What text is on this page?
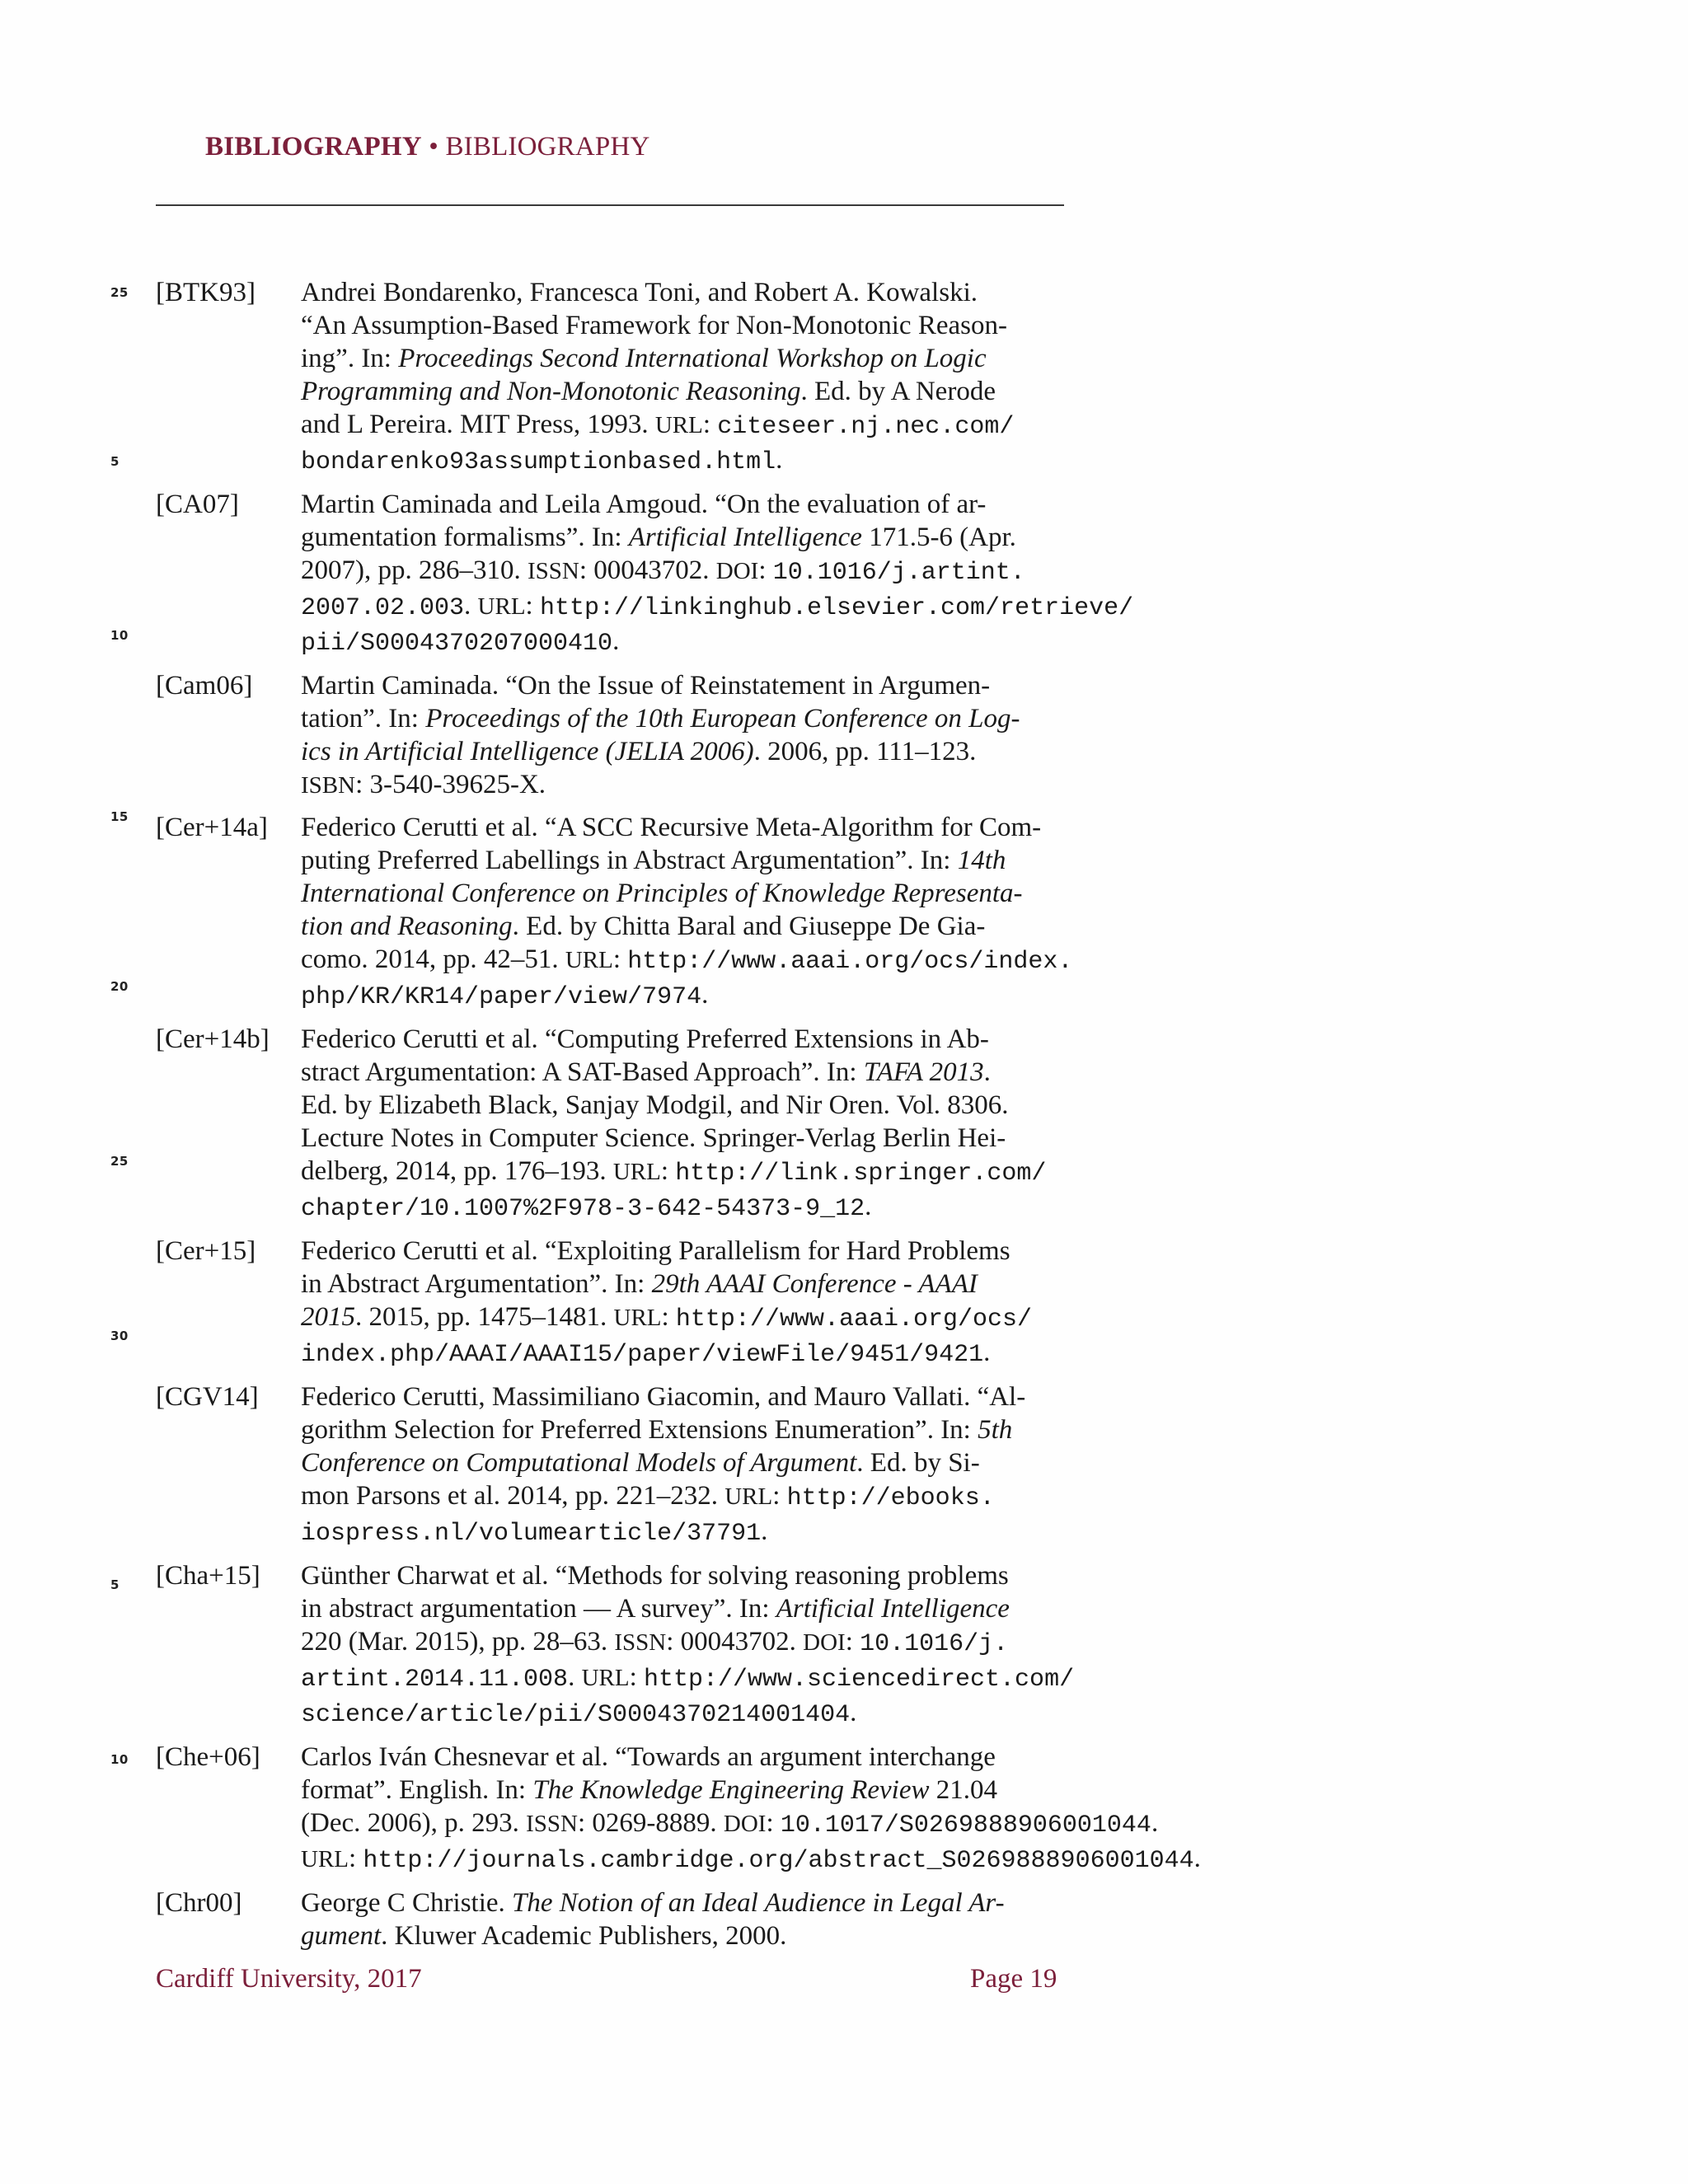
BIBLIOGRAPHY • BIBLIOGRAPHY
25
5
10
15
20
25
30
5
10
[BTK93] Andrei Bondarenko, Francesca Toni, and Robert A. Kowalski.
“An Assumption-Based Framework for Non-Monotonic Reason-
ing”. In: Proceedings Second International Workshop on Logic
Programming and Non-Monotonic Reasoning. Ed. by A Nerode
and L Pereira. MIT Press, 1993. URL: citeseer.nj.nec.com/
bondarenko93assumptionbased.html.
[CA07] Martin Caminada and Leila Amgoud. “On the evaluation of ar-
gumentation formalisms”. In: Artificial Intelligence 171.5-6 (Apr.
2007), pp. 286–310. ISSN: 00043702. DOI: 10.1016/j.artint.
2007.02.003. URL: http://linkinghub.elsevier.com/retrieve/
pii/S0004370207000410.
[Cam06] Martin Caminada. “On the Issue of Reinstatement in Argumen-
tation”. In: Proceedings of the 10th European Conference on Log-
ics in Artificial Intelligence (JELIA 2006). 2006, pp. 111–123.
ISBN: 3-540-39625-X.
[Cer+14a] Federico Cerutti et al. “A SCC Recursive Meta-Algorithm for Com-
puting Preferred Labellings in Abstract Argumentation”. In: 14th
International Conference on Principles of Knowledge Representa-
tion and Reasoning. Ed. by Chitta Baral and Giuseppe De Gia-
como. 2014, pp. 42–51. URL: http://www.aaai.org/ocs/index.
php/KR/KR14/paper/view/7974.
[Cer+14b] Federico Cerutti et al. “Computing Preferred Extensions in Ab-
stract Argumentation: A SAT-Based Approach”. In: TAFA 2013.
Ed. by Elizabeth Black, Sanjay Modgil, and Nir Oren. Vol. 8306.
Lecture Notes in Computer Science. Springer-Verlag Berlin Hei-
delberg, 2014, pp. 176–193. URL: http://link.springer.com/
chapter/10.1007%2F978-3-642-54373-9_12.
[Cer+15] Federico Cerutti et al. “Exploiting Parallelism for Hard Problems
in Abstract Argumentation”. In: 29th AAAI Conference - AAAI
2015. 2015, pp. 1475–1481. URL: http://www.aaai.org/ocs/
index.php/AAAI/AAAI15/paper/viewFile/9451/9421.
[CGV14] Federico Cerutti, Massimiliano Giacomin, and Mauro Vallati. “Al-
gorithm Selection for Preferred Extensions Enumeration”. In: 5th
Conference on Computational Models of Argument. Ed. by Si-
mon Parsons et al. 2014, pp. 221–232. URL: http://ebooks.
iospress.nl/volumearticle/37791.
[Cha+15] Günther Charwat et al. “Methods for solving reasoning problems
in abstract argumentation — A survey”. In: Artificial Intelligence
220 (Mar. 2015), pp. 28–63. ISSN: 00043702. DOI: 10.1016/j.
artint.2014.11.008. URL: http://www.sciencedirect.com/
science/article/pii/S0004370214001404.
[Che+06] Carlos Iván Chesnevar et al. “Towards an argument interchange
format”. English. In: The Knowledge Engineering Review 21.04
(Dec. 2006), p. 293. ISSN: 0269-8889. DOI: 10.1017/S0269888906001044.
URL: http://journals.cambridge.org/abstract_S0269888906001044.
[Chr00] George C Christie. The Notion of an Ideal Audience in Legal Ar-
gument. Kluwer Academic Publishers, 2000.
Cardiff University, 2017	Page 19
